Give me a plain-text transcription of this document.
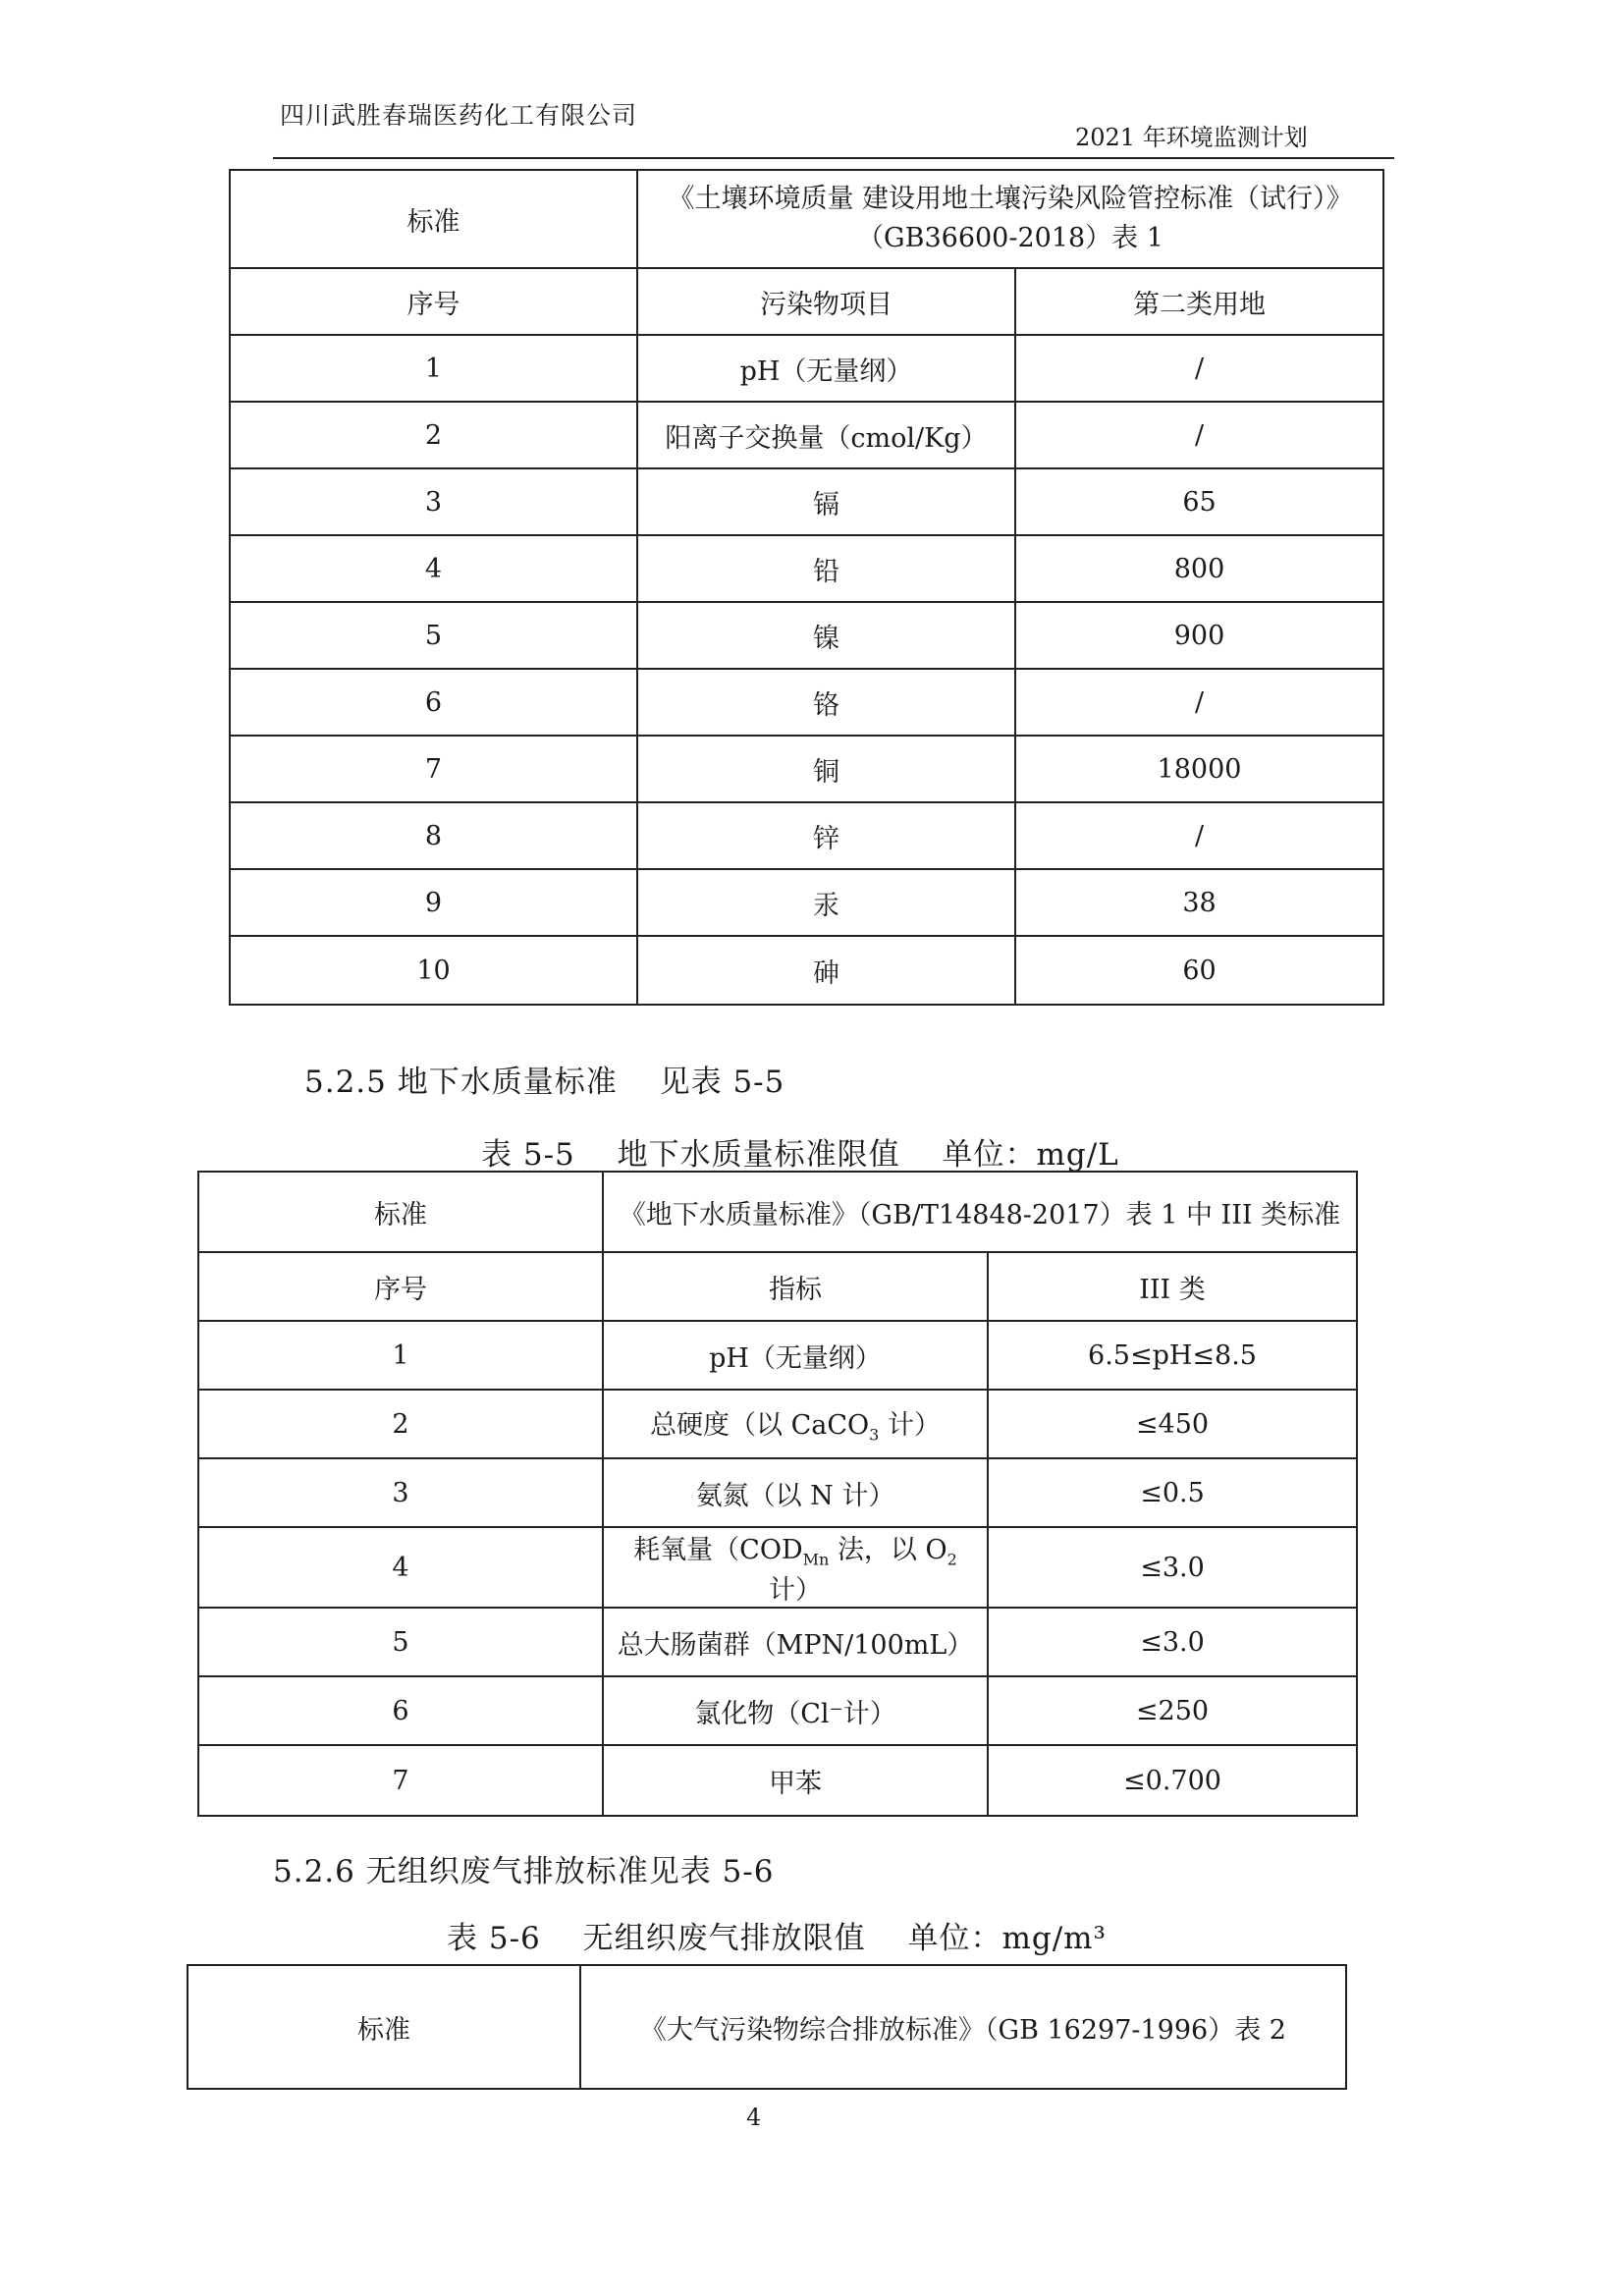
四川武胜春瑞医药化工有限公司
2021 年环境监测计划
标准	《土壤环境质量 建设用地土壤污染风险管控标准（试行）》（GB36600-2018）表 1	
序号	污染物项目	第二类用地
1	pH（无量纲）	/
2	阳离子交换量（cmol/Kg）	/
3	镉	65
4	铅	800
5	镍	900
6	铬	/
7	铜	18000
8	锌	/
9	汞	38
10	砷	60
5.2.5 地下水质量标准　 见表 5-5
表 5-5　 地下水质量标准限值　 单位：mg/L
标准	《地下水质量标准》（GB/T14848-2017）表 1 中 III 类标准	
序号	指标	III 类
1	pH（无量纲）	6.5≤pH≤8.5
2	总硬度（以 CaCO$_3$ 计）	≤450
3	氨氮（以 N 计）	≤0.5
4	耗氧量（$COD_{Mn}$ 法，以 $O_2$ 计）	≤3.0
5	总大肠菌群（MPN/100mL）	≤3.0
6	氯化物（Cl⁻计）	≤250
7	甲苯	≤0.700
5.2.6 无组织废气排放标准见表 5-6
表 5-6　 无组织废气排放限值　 单位：mg/m³
标准	《大气污染物综合排放标准》（GB 16297-1996）表 2
4
